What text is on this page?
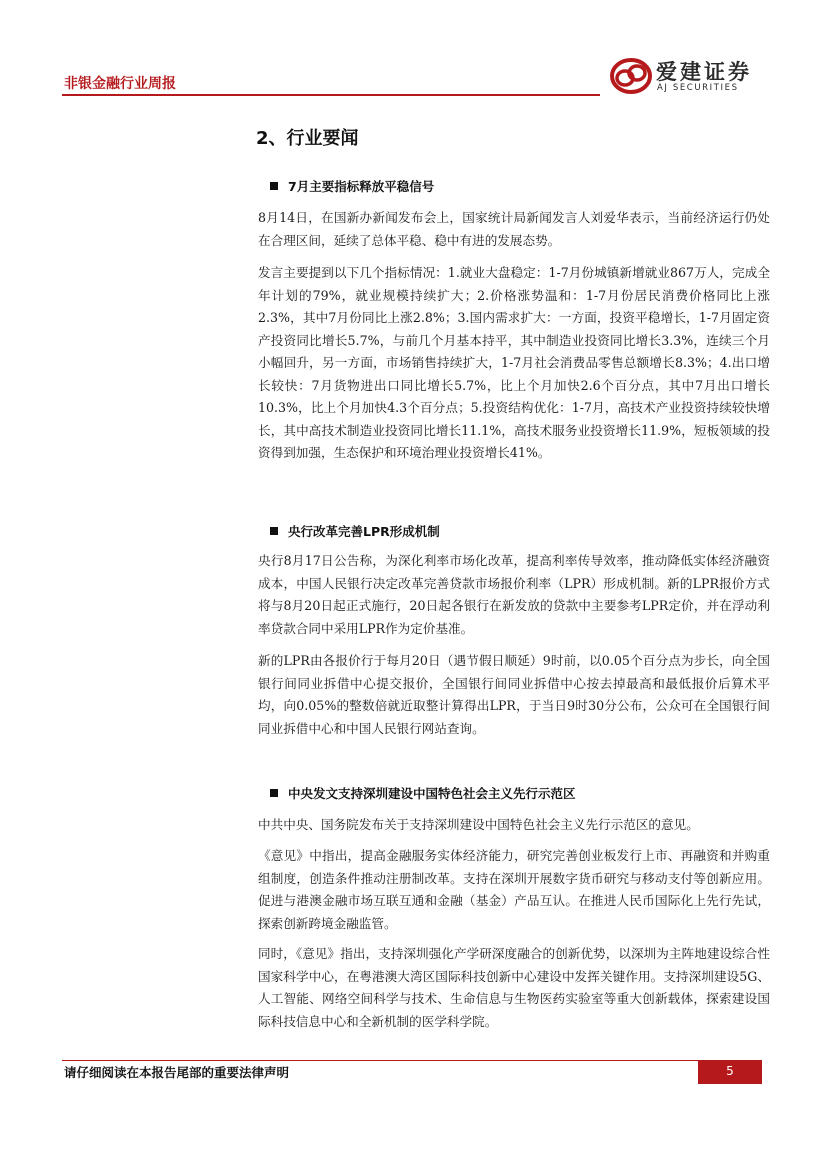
非银金融行业周报	爱建证券
AJ SECURITIES
2、行业要闻
7月主要指标释放平稳信号

8月14日，在国新办新闻发布会上，国家统计局新闻发言人刘爱华表示，当前经济运行仍处在合理区间，延续了总体平稳、稳中有进的发展态势。

发言主要提到以下几个指标情况：1.就业大盘稳定：1-7月份城镇新增就业867万人，完成全年计划的79%，就业规模持续扩大；2.价格涨势温和：1-7月份居民消费价格同比上涨2.3%，其中7月份同比上涨2.8%；3.国内需求扩大：一方面，投资平稳增长，1-7月固定资产投资同比增长5.7%，与前几个月基本持平，其中制造业投资同比增长3.3%，连续三个月小幅回升，另一方面，市场销售持续扩大，1-7月社会消费品零售总额增长8.3%；4.出口增长较快：7月货物进出口同比增长5.7%，比上个月加快2.6个百分点，其中7月出口增长10.3%，比上个月加快4.3个百分点；5.投资结构优化：1-7月，高技术产业投资持续较快增长，其中高技术制造业投资同比增长11.1%，高技术服务业投资增长11.9%，短板领域的投资得到加强，生态保护和环境治理业投资增长41%。

央行改革完善LPR形成机制

央行8月17日公告称，为深化利率市场化改革，提高利率传导效率，推动降低实体经济融资成本，中国人民银行决定改革完善贷款市场报价利率（LPR）形成机制。新的LPR报价方式将与8月20日起正式施行，20日起各银行在新发放的贷款中主要参考LPR定价，并在浮动利率贷款合同中采用LPR作为定价基准。

新的LPR由各报价行于每月20日（遇节假日顺延）9时前，以0.05个百分点为步长，向全国银行间同业拆借中心提交报价，全国银行间同业拆借中心按去掉最高和最低报价后算术平均，向0.05%的整数倍就近取整计算得出LPR，于当日9时30分公布，公众可在全国银行间同业拆借中心和中国人民银行网站查询。

中央发文支持深圳建设中国特色社会主义先行示范区

中共中央、国务院发布关于支持深圳建设中国特色社会主义先行示范区的意见。

《意见》中指出，提高金融服务实体经济能力，研究完善创业板发行上市、再融资和并购重组制度，创造条件推动注册制改革。支持在深圳开展数字货币研究与移动支付等创新应用。促进与港澳金融市场互联互通和金融（基金）产品互认。在推进人民币国际化上先行先试，探索创新跨境金融监管。

同时，《意见》指出，支持深圳强化产学研深度融合的创新优势，以深圳为主阵地建设综合性国家科学中心，在粤港澳大湾区国际科技创新中心建设中发挥关键作用。支持深圳建设5G、人工智能、网络空间科学与技术、生命信息与生物医药实验室等重大创新载体，探索建设国际科技信息中心和全新机制的医学科学院。

请仔细阅读在本报告尾部的重要法律声明	5
